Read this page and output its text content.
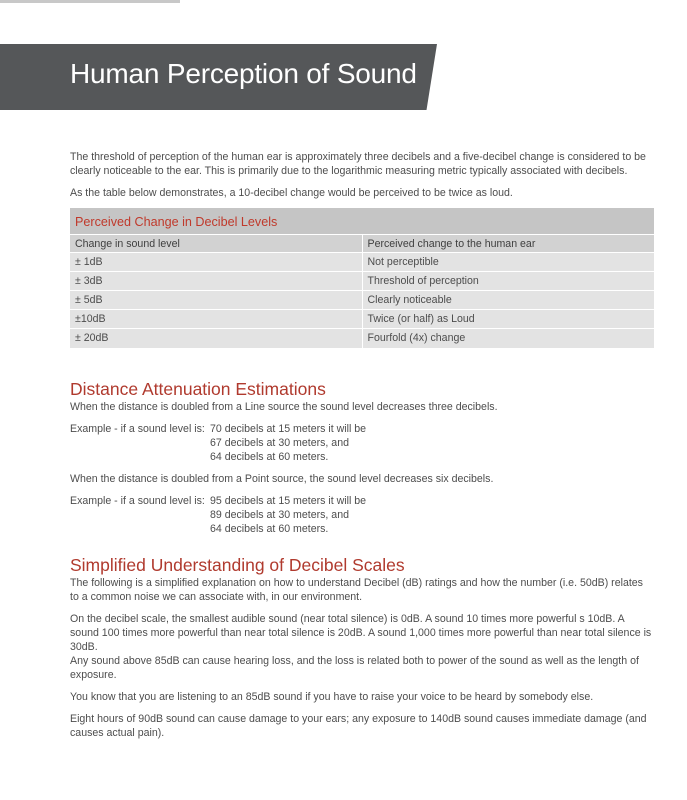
Human Perception of Sound

The threshold of perception of the human ear is approximately three decibels and a five-decibel change is considered to be clearly noticeable to the ear. This is primarily due to the logarithmic measuring metric typically associated with decibels.

As the table below demonstrates, a 10-decibel change would be perceived to be twice as loud.

Perceived Change in Decibel Levels
Change in sound level	Perceived change to the human ear
± 1dB	Not perceptible
± 3dB	Threshold of perception
± 5dB	Clearly noticeable
±10dB	Twice (or half) as Loud
± 20dB	Fourfold (4x) change
Distance Attenuation Estimations

When the distance is doubled from a Line source the sound level decreases three decibels.

Example - if a sound level is: 70 decibels at 15 meters it will be
67 decibels at 30 meters, and
64 decibels at 60 meters.

When the distance is doubled from a Point source, the sound level decreases six decibels.

Example - if a sound level is: 95 decibels at 15 meters it will be
89 decibels at 30 meters, and
64 decibels at 60 meters.
Simplified Understanding of Decibel Scales

The following is a simplified explanation on how to understand Decibel (dB) ratings and how the number (i.e. 50dB) relates to a common noise we can associate with, in our environment.

On the decibel scale, the smallest audible sound (near total silence) is 0dB. A sound 10 times more powerful s 10dB. A sound 100 times more powerful than near total silence is 20dB. A sound 1,000 times more powerful than near total silence is 30dB.

Any sound above 85dB can cause hearing loss, and the loss is related both to power of the sound as well as the length of exposure.

You know that you are listening to an 85dB sound if you have to raise your voice to be heard by somebody else.

Eight hours of 90dB sound can cause damage to your ears; any exposure to 140dB sound causes immediate damage (and causes actual pain).
